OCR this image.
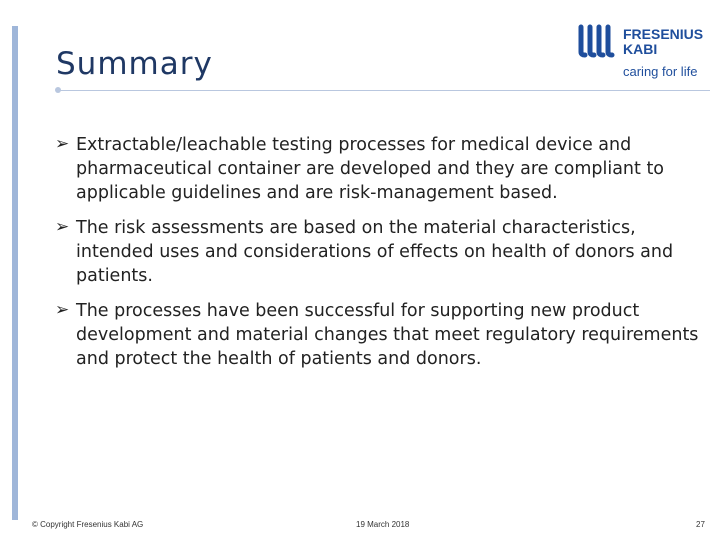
Summary
FRESENIUS
KABI
caring for life
➢ Extractable/leachable testing processes for medical device and pharmaceutical container are developed and they are compliant to applicable guidelines and are risk-management based.
➢ The risk assessments are based on the material characteristics, intended uses and considerations of effects on health of donors and patients.
➢ The processes have been successful for supporting new product development and material changes that meet regulatory requirements and protect the health of patients and donors.
© Copyright Fresenius Kabi AG	19 March 2018	27
